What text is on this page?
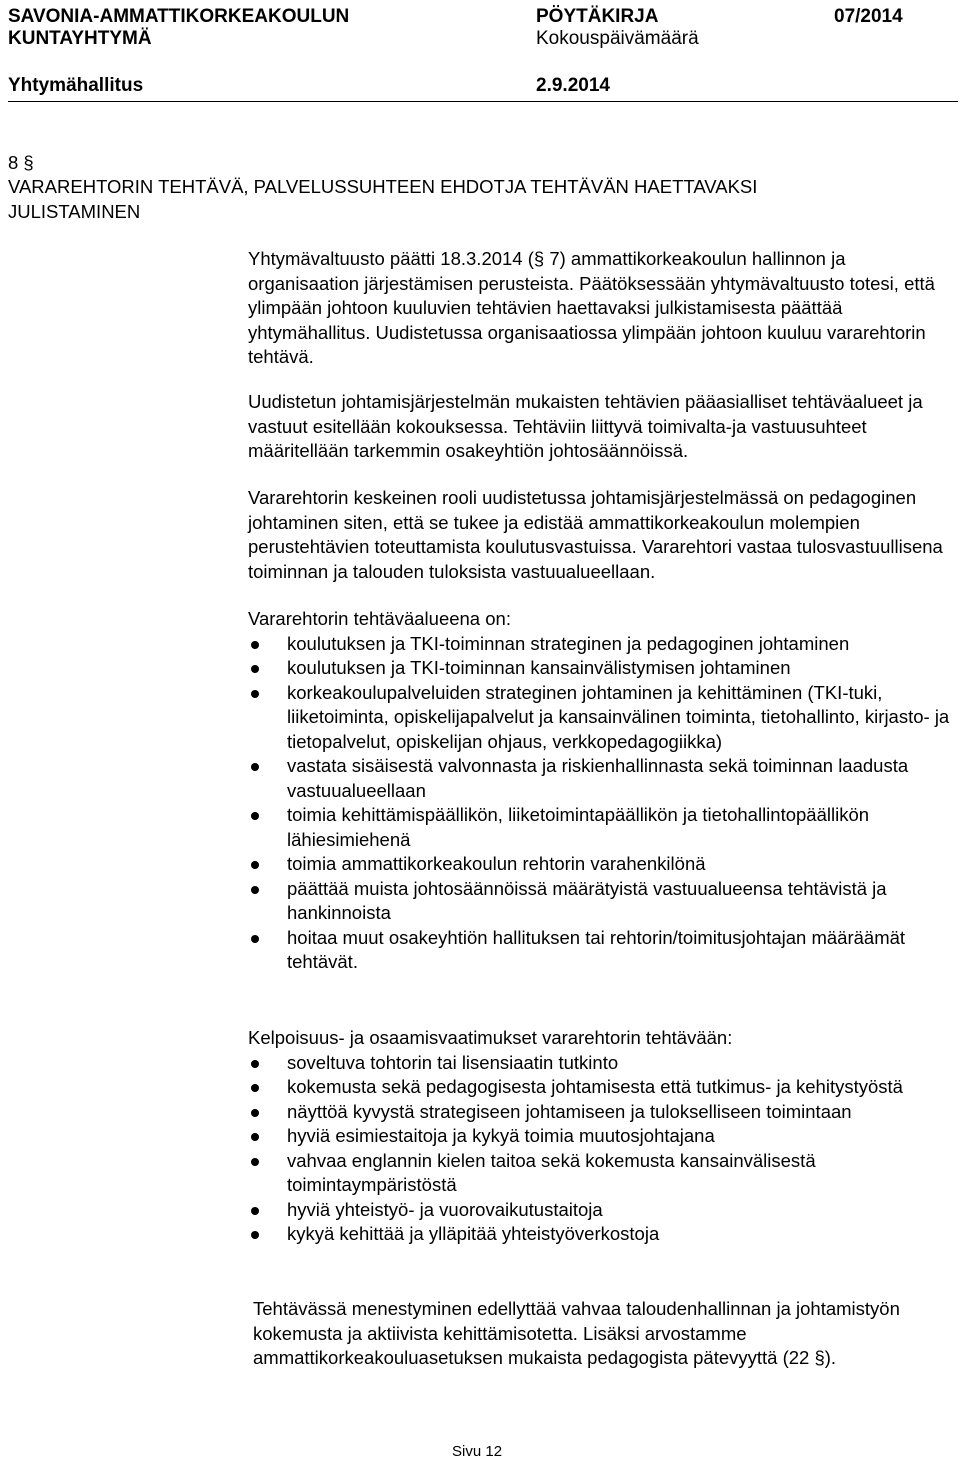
SAVONIA-AMMATTIKORKEAKOULUN
KUNTAYHTYMÄ
PÖYTÄKIRJA
Kokouspäivämäärä
07/2014
Yhtymähallitus	2.9.2014
8 §
VARAREHTORIN TEHTÄVÄ, PALVELUSSUHTEEN EHDOTJA TEHTÄVÄN HAETTAVAKSI JULISTAMINEN

Yhtymävaltuusto päätti 18.3.2014 (§ 7) ammattikorkeakoulun hallinnon ja organisaation järjestämisen perusteista. Päätöksessään yhtymävaltuusto totesi, että ylimpään johtoon kuuluvien tehtävien haettavaksi julkistamisesta päättää yhtymähallitus. Uudistetussa organisaatiossa ylimpään johtoon kuuluu vararehtorin tehtävä.

Uudistetun johtamisjärjestelmän mukaisten tehtävien pääasialliset tehtäväalueet ja vastuut esitellään kokouksessa. Tehtäviin liittyvä toimivalta-ja vastuusuhteet määritellään tarkemmin osakeyhtiön johtosäännöissä.

Vararehtorin keskeinen rooli uudistetussa johtamisjärjestelmässä on pedagoginen johtaminen siten, että se tukee ja edistää ammattikorkeakoulun molempien perustehtävien toteuttamista koulutusvastuissa. Vararehtori vastaa tulosvastuullisena toiminnan ja talouden tuloksista vastuualueellaan.

Vararehtorin tehtäväalueena on:

koulutuksen ja TKI-toiminnan strateginen ja pedagoginen johtaminen
koulutuksen ja TKI-toiminnan kansainvälistymisen johtaminen
korkeakoulupalveluiden strateginen johtaminen ja kehittäminen (TKI-tuki, liiketoiminta, opiskelijapalvelut ja kansainvälinen toiminta, tietohallinto, kirjasto- ja tietopalvelut, opiskelijan ohjaus, verkkopedagogiikka)
vastata sisäisestä valvonnasta ja riskienhallinnasta sekä toiminnan laadusta vastuualueellaan
toimia kehittämispäällikön, liiketoimintapäällikön ja tietohallintopäällikön lähiesimiehenä
toimia ammattikorkeakoulun rehtorin varahenkilönä
päättää muista johtosäännöissä määrätyistä vastuualueensa tehtävistä ja hankinnoista
hoitaa muut osakeyhtiön hallituksen tai rehtorin/toimitusjohtajan määräämät tehtävät.

Kelpoisuus- ja osaamisvaatimukset vararehtorin tehtävään:

soveltuva tohtorin tai lisensiaatin tutkinto
kokemusta sekä pedagogisesta johtamisesta että tutkimus- ja kehitystyöstä
näyttöä kyvystä strategiseen johtamiseen ja tulokselliseen toimintaan
hyviä esimiestaitoja ja kykyä toimia muutosjohtajana
vahvaa englannin kielen taitoa sekä kokemusta kansainvälisestä toimintaympäristöstä
hyviä yhteistyö- ja vuorovaikutustaitoja
kykyä kehittää ja ylläpitää yhteistyöverkostoja

Tehtävässä menestyminen edellyttää vahvaa taloudenhallinnan ja johtamistyön kokemusta ja aktiivista kehittämisotetta. Lisäksi arvostamme ammattikorkeakouluasetuksen mukaista pedagogista pätevyyttä (22 §).

Sivu 12
